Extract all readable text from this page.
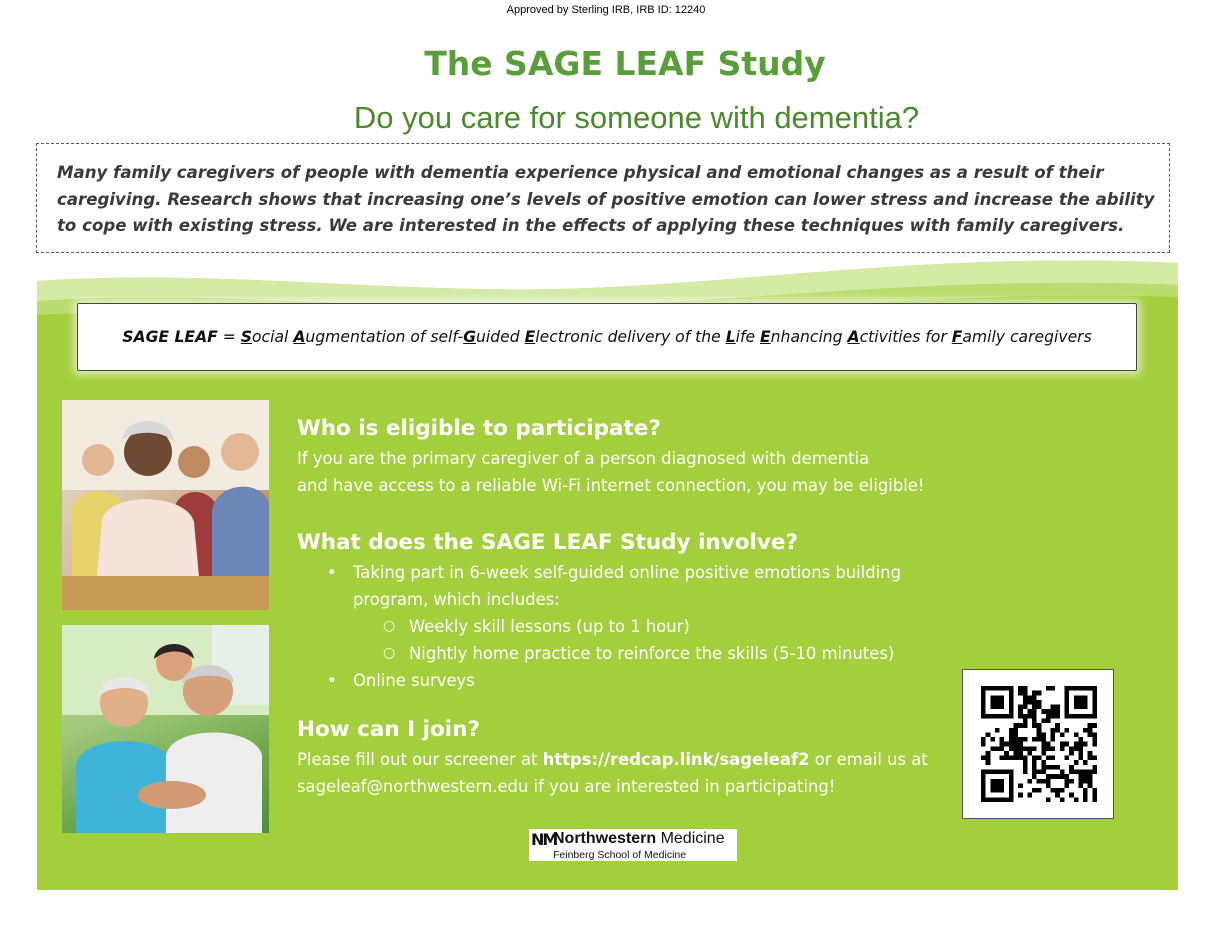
Approved by Sterling IRB, IRB ID: 12240
The SAGE LEAF Study
Do you care for someone with dementia?
Many family caregivers of people with dementia experience physical and emotional changes as a result of their caregiving. Research shows that increasing one’s levels of positive emotion can lower stress and increase the ability to cope with existing stress. We are interested in the effects of applying these techniques with family caregivers.
SAGE LEAF = Social Augmentation of self-Guided Electronic delivery of the Life Enhancing Activities for Family caregivers

Who is eligible to participate?

If you are the primary caregiver of a person diagnosed with dementia

and have access to a reliable Wi-Fi internet connection, you may be eligible!

What does the SAGE LEAF Study involve?

• Taking part in 6-week self-guided online positive emotions building
program, which includes:
○ Weekly skill lessons (up to 1 hour)
○ Nightly home practice to reinforce the skills (5-10 minutes)
• Online surveys

How can I join?

Please fill out our screener at https://redcap.link/sageleaf2 or email us at

sageleaf@northwestern.edu if you are interested in participating!

NM
Northwestern Medicine
Feinberg School of Medicine
